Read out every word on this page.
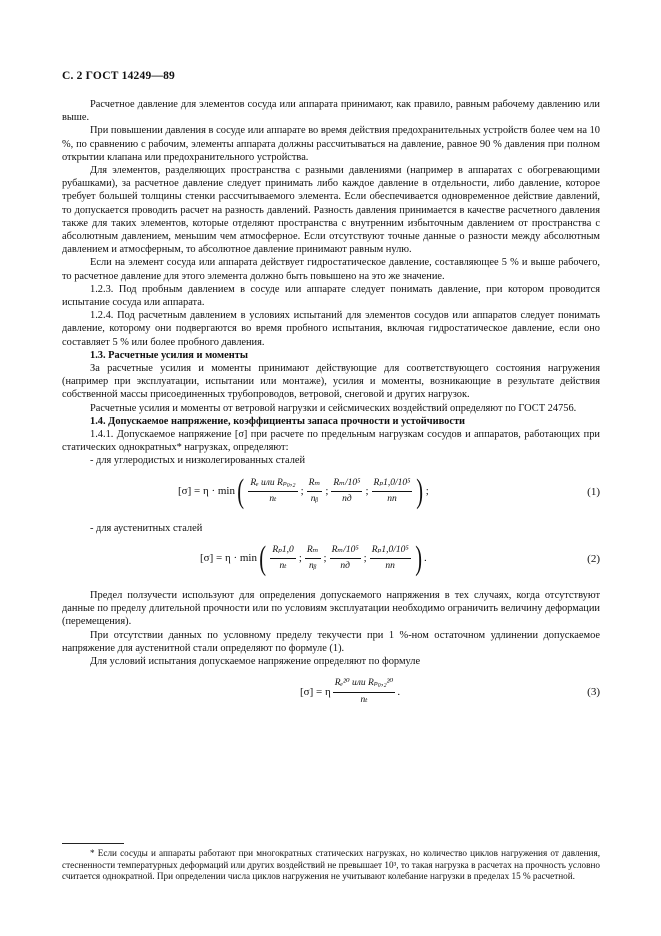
С. 2 ГОСТ 14249—89

Расчетное давление для элементов сосуда или аппарата принимают, как правило, равным рабочему давлению или выше.

При повышении давления в сосуде или аппарате во время действия предохранительных устройств более чем на 10 %, по сравнению с рабочим, элементы аппарата должны рассчитываться на давление, равное 90 % давления при полном открытии клапана или предохранительного устройства.

Для элементов, разделяющих пространства с разными давлениями (например в аппаратах с обогревающими рубашками), за расчетное давление следует принимать либо каждое давление в отдельности, либо давление, которое требует большей толщины стенки рассчитываемого элемента. Если обеспечивается одновременное действие давлений, то допускается проводить расчет на разность давлений. Разность давления принимается в качестве расчетного давления также для таких элементов, которые отделяют пространства с внутренним избыточным давлением от пространства с абсолютным давлением, меньшим чем атмосферное. Если отсутствуют точные данные о разности между абсолютным давлением и атмосферным, то абсолютное давление принимают равным нулю.

Если на элемент сосуда или аппарата действует гидростатическое давление, составляющее 5 % и выше рабочего, то расчетное давление для этого элемента должно быть повышено на это же значение.

1.2.3. Под пробным давлением в сосуде или аппарате следует понимать давление, при котором проводится испытание сосуда или аппарата.

1.2.4. Под расчетным давлением в условиях испытаний для элементов сосудов или аппаратов следует понимать давление, которому они подвергаются во время пробного испытания, включая гидростатическое давление, если оно составляет 5 % или более пробного давления.

1.3. Расчетные усилия и моменты

За расчетные усилия и моменты принимают действующие для соответствующего состояния нагружения (например при эксплуатации, испытании или монтаже), усилия и моменты, возникающие в результате действия собственной массы присоединенных трубопроводов, ветровой, снеговой и других нагрузок.

Расчетные усилия и моменты от ветровой нагрузки и сейсмических воздействий определяют по ГОСТ 24756.

1.4. Допускаемое напряжение, коэффициенты запаса прочности и устойчивости

1.4.1. Допускаемое напряжение [σ] при расчете по предельным нагрузкам сосудов и аппаратов, работающих при статических однократных* нагрузках, определяют:

- для углеродистых и низколегированных сталей

[σ] = η · min ( $\frac{\text{Rₑ или Rₚ₀,₂}}{\text{nₜ}}$ ; $\frac{\text{Rₘ}}{\text{nᵦ}}$ ; $\frac{\text{Rₘ/10⁵}}{nд}$ ; $\frac{\text{Rₚ1,0/10⁵}}{nп}$ ) ;	(1)

- для аустенитных сталей

[σ] = η · min ( $\frac{\text{Rₚ1,0}}{\text{nₜ}}$ ; $\frac{\text{Rₘ}}{\text{nᵦ}}$ ; $\frac{\text{Rₘ/10⁵}}{nд}$ ; $\frac{\text{Rₚ1,0/10⁵}}{nп}$ ) .	(2)

Предел ползучести используют для определения допускаемого напряжения в тех случаях, когда отсутствуют данные по пределу длительной прочности или по условиям эксплуатации необходимо ограничить величину деформации (перемещения).

При отсутствии данных по условному пределу текучести при 1 %-ном остаточном удлинении допускаемое напряжение для аустенитной стали определяют по формуле (1).

Для условий испытания допускаемое напряжение определяют по формуле

[σ] = η $\frac{\text{Rₑ²⁰ или Rₚ₀,₂²⁰}}{\text{nₜ}}$ .	(3)

* Если сосуды и аппараты работают при многократных статических нагрузках, но количество циклов нагружения от давления, стесненности температурных деформаций или других воздействий не превышает 10³, то такая нагрузка в расчетах на прочность условно считается однократной. При определении числа циклов нагружения не учитывают колебание нагрузки в пределах 15 % расчетной.
